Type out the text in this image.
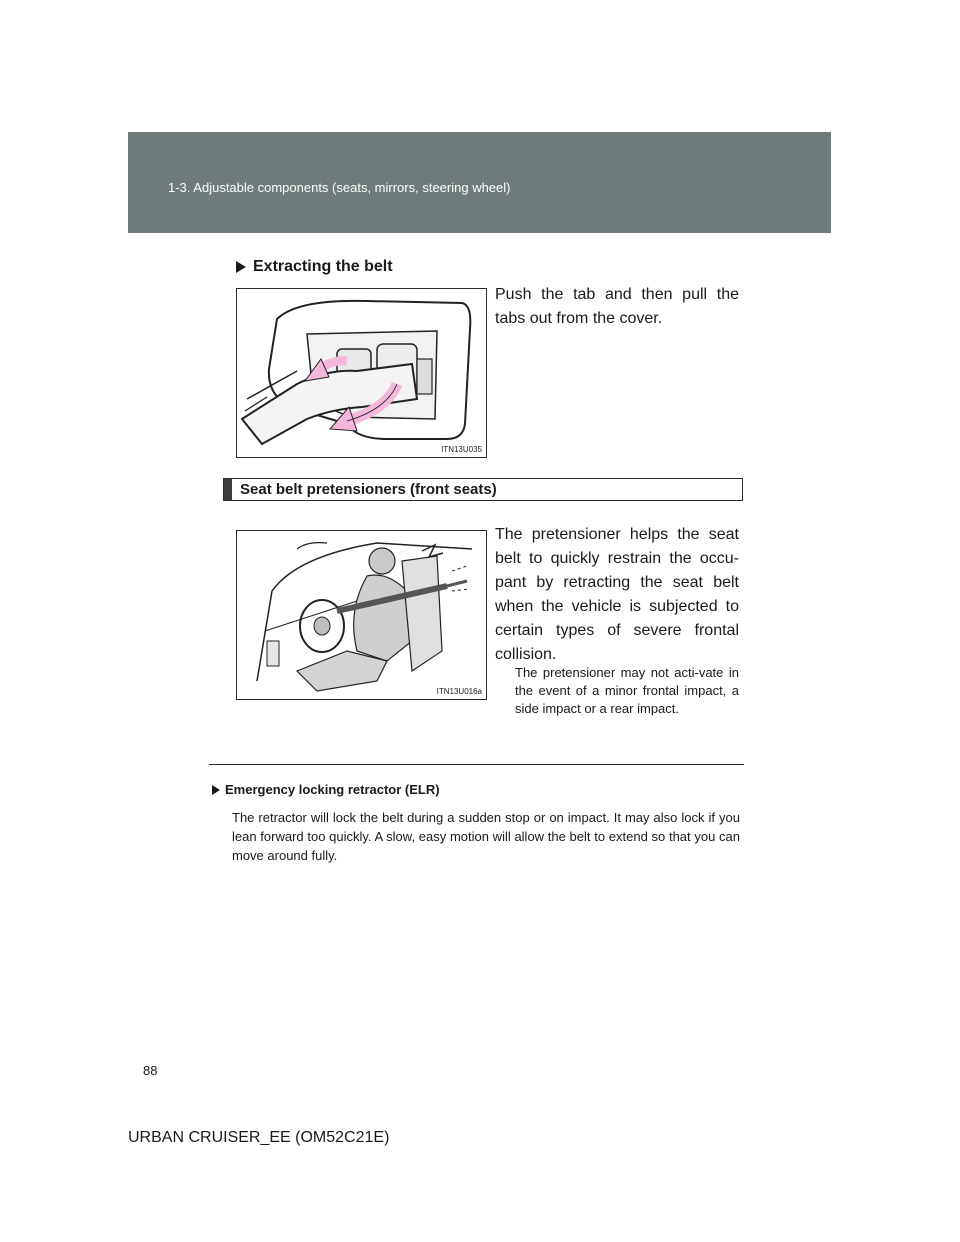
1-3. Adjustable components (seats, mirrors, steering wheel)
Extracting the belt
ITN13U035
Push the tab and then pull the tabs out from the cover.
Seat belt pretensioners (front seats)
ITN13U016a
The pretensioner helps the seat belt to quickly restrain the occu-pant by retracting the seat belt when the vehicle is subjected to certain types of severe frontal collision.
The pretensioner may not acti-vate in the event of a minor frontal impact, a side impact or a rear impact.
Emergency locking retractor (ELR)
The retractor will lock the belt during a sudden stop or on impact. It may also lock if you lean forward too quickly. A slow, easy motion will allow the belt to extend so that you can move around fully.
88
URBAN CRUISER_EE (OM52C21E)
